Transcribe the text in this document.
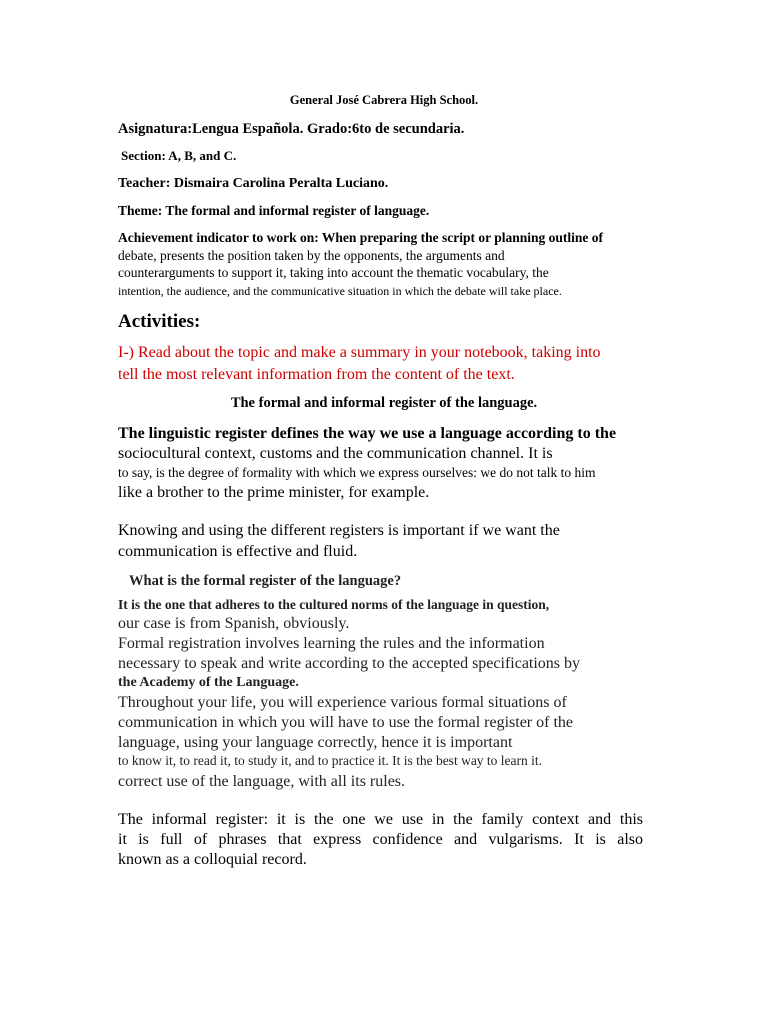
General José Cabrera High School.
Asignatura:Lengua Española. Grado:6to de secundaria.
Section: A, B, and C.
Teacher: Dismaira Carolina Peralta Luciano.
Theme: The formal and informal register of language.
Achievement indicator to work on: When preparing the script or planning outline of
debate, presents the position taken by the opponents, the arguments and
counterarguments to support it, taking into account the thematic vocabulary, the
intention, the audience, and the communicative situation in which the debate will take place.
Activities:
I-) Read about the topic and make a summary in your notebook, taking into
tell the most relevant information from the content of the text.
The formal and informal register of the language.
The linguistic register defines the way we use a language according to the
sociocultural context, customs and the communication channel. It is
to say, is the degree of formality with which we express ourselves: we do not talk to him
like a brother to the prime minister, for example.
Knowing and using the different registers is important if we want the
communication is effective and fluid.
What is the formal register of the language?
It is the one that adheres to the cultured norms of the language in question,
our case is from Spanish, obviously.
Formal registration involves learning the rules and the information
necessary to speak and write according to the accepted specifications by
the Academy of the Language.
Throughout your life, you will experience various formal situations of
communication in which you will have to use the formal register of the
language, using your language correctly, hence it is important
to know it, to read it, to study it, and to practice it. It is the best way to learn it.
correct use of the language, with all its rules.
The informal register: it is the one we use in the family context and this
it is full of phrases that express confidence and vulgarisms. It is also
known as a colloquial record.
